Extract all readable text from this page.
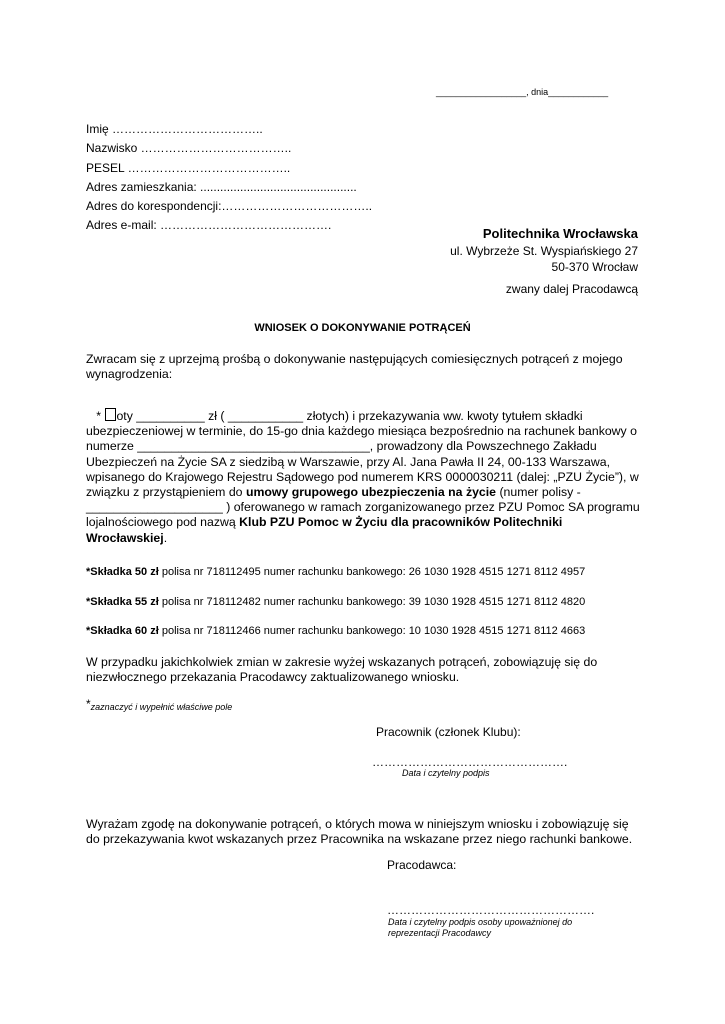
__________________, dnia____________
Imię ………………………………..
Nazwisko ………………………………..
PESEL …………………………………..
Adres zamieszkania: ...............................................
Adres do korespondencji:………………………………..
Adres e-mail: …………………………………….
Politechnika Wrocławska
ul. Wybrzeże St. Wyspiańskiego 27
50-370 Wrocław
zwany dalej Pracodawcą
WNIOSEK O DOKONYWANIE POTRĄCEŃ
Zwracam się z uprzejmą prośbą o dokonywanie następujących comiesięcznych potrąceń z mojego
wynagrodzenia:
* oty __________ zł ( ___________ złotych) i przekazywania ww. kwoty tytułem składki
ubezpieczeniowej w terminie, do 15-go dnia każdego miesiąca bezpośrednio na rachunek bankowy o
numerze __________________________________, prowadzony dla Powszechnego Zakładu
Ubezpieczeń na Życie SA z siedzibą w Warszawie, przy Al. Jana Pawła II 24, 00-133 Warszawa,
wpisanego do Krajowego Rejestru Sądowego pod numerem KRS 0000030211 (dalej: „PZU Życie”), w
związku z przystąpieniem do umowy grupowego ubezpieczenia na życie (numer polisy -
____________________ ) oferowanego w ramach zorganizowanego przez PZU Pomoc SA programu
lojalnościowego pod nazwą Klub PZU Pomoc w Życiu dla pracowników Politechniki
Wrocławskiej.
*Składka 50 zł polisa nr 718112495 numer rachunku bankowego: 26 1030 1928 4515 1271 8112 4957
*Składka 55 zł polisa nr 718112482 numer rachunku bankowego: 39 1030 1928 4515 1271 8112 4820
*Składka 60 zł polisa nr 718112466 numer rachunku bankowego: 10 1030 1928 4515 1271 8112 4663
W przypadku jakichkolwiek zmian w zakresie wyżej wskazanych potrąceń, zobowiązuję się do
niezwłocznego przekazania Pracodawcy zaktualizowanego wniosku.
*zaznaczyć i wypełnić właściwe pole
Pracownik (członek Klubu):
………………………………………….
Data i czytelny podpis
Wyrażam zgodę na dokonywanie potrąceń, o których mowa w niniejszym wniosku i zobowiązuję się
do przekazywania kwot wskazanych przez Pracownika na wskazane przez niego rachunki bankowe.
Pracodawca:
…………………………………………….
Data i czytelny podpis osoby upoważnionej do
reprezentacji Pracodawcy
